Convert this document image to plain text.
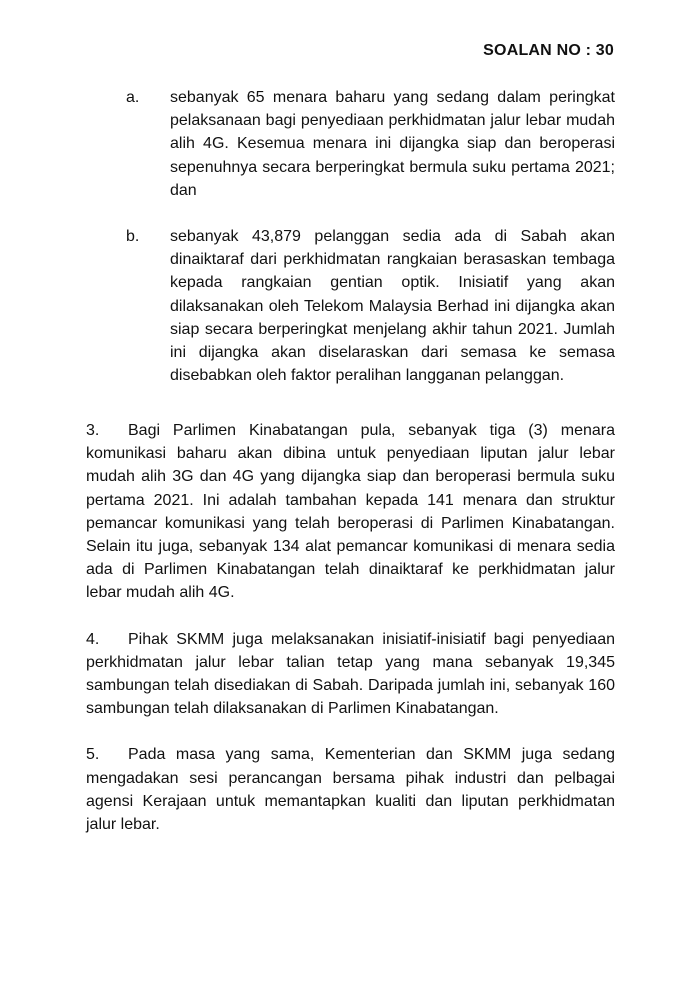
SOALAN NO : 30
a.	sebanyak 65 menara baharu yang sedang dalam peringkat pelaksanaan bagi penyediaan perkhidmatan jalur lebar mudah alih 4G. Kesemua menara ini dijangka siap dan beroperasi sepenuhnya secara berperingkat bermula suku pertama 2021; dan
b.	sebanyak 43,879 pelanggan sedia ada di Sabah akan dinaiktaraf dari perkhidmatan rangkaian berasaskan tembaga kepada rangkaian gentian optik. Inisiatif yang akan dilaksanakan oleh Telekom Malaysia Berhad ini dijangka akan siap secara berperingkat menjelang akhir tahun 2021. Jumlah ini dijangka akan diselaraskan dari semasa ke semasa disebabkan oleh faktor peralihan langganan pelanggan.

3. Bagi Parlimen Kinabatangan pula, sebanyak tiga (3) menara komunikasi baharu akan dibina untuk penyediaan liputan jalur lebar mudah alih 3G dan 4G yang dijangka siap dan beroperasi bermula suku pertama 2021. Ini adalah tambahan kepada 141 menara dan struktur pemancar komunikasi yang telah beroperasi di Parlimen Kinabatangan. Selain itu juga, sebanyak 134 alat pemancar komunikasi di menara sedia ada di Parlimen Kinabatangan telah dinaiktaraf ke perkhidmatan jalur lebar mudah alih 4G.

4. Pihak SKMM juga melaksanakan inisiatif-inisiatif bagi penyediaan perkhidmatan jalur lebar talian tetap yang mana sebanyak 19,345 sambungan telah disediakan di Sabah. Daripada jumlah ini, sebanyak 160 sambungan telah dilaksanakan di Parlimen Kinabatangan.

5. Pada masa yang sama, Kementerian dan SKMM juga sedang mengadakan sesi perancangan bersama pihak industri dan pelbagai agensi Kerajaan untuk memantapkan kualiti dan liputan perkhidmatan jalur lebar.
